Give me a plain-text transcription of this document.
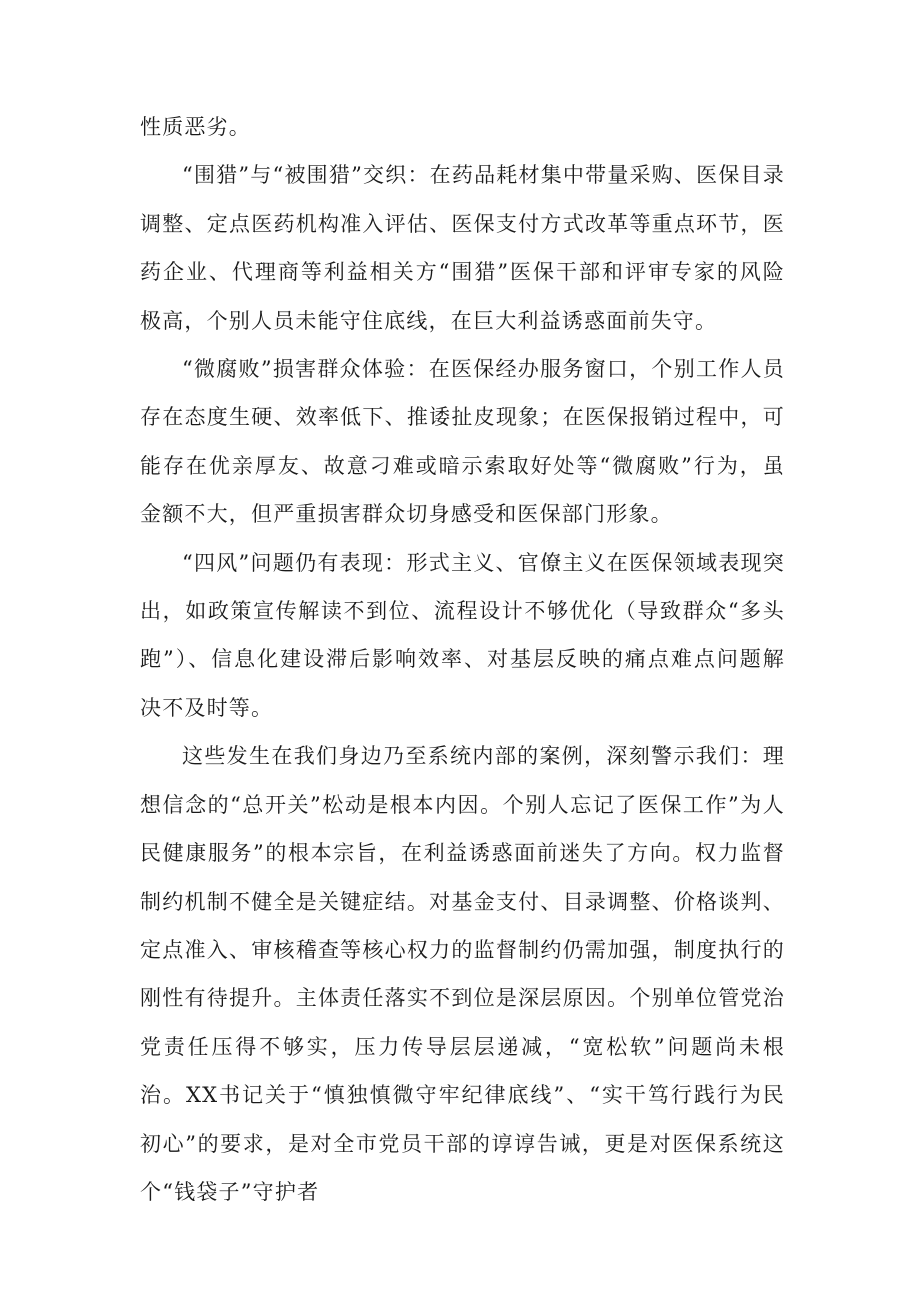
性质恶劣。

“围猎”与“被围猎”交织：在药品耗材集中带量采购、医保目录调整、定点医药机构准入评估、医保支付方式改革等重点环节，医药企业、代理商等利益相关方“围猎”医保干部和评审专家的风险极高，个别人员未能守住底线，在巨大利益诱惑面前失守。

“微腐败”损害群众体验：在医保经办服务窗口，个别工作人员存在态度生硬、效率低下、推诿扯皮现象；在医保报销过程中，可能存在优亲厚友、故意刁难或暗示索取好处等“微腐败”行为，虽金额不大，但严重损害群众切身感受和医保部门形象。

“四风”问题仍有表现：形式主义、官僚主义在医保领域表现突出，如政策宣传解读不到位、流程设计不够优化（导致群众“多头跑”）、信息化建设滞后影响效率、对基层反映的痛点难点问题解决不及时等。

这些发生在我们身边乃至系统内部的案例，深刻警示我们：理想信念的“总开关”松动是根本内因。个别人忘记了医保工作”为人民健康服务”的根本宗旨，在利益诱惑面前迷失了方向。权力监督制约机制不健全是关键症结。对基金支付、目录调整、价格谈判、定点准入、审核稽查等核心权力的监督制约仍需加强，制度执行的刚性有待提升。主体责任落实不到位是深层原因。个别单位管党治党责任压得不够实，压力传导层层递减，“宽松软”问题尚未根治。XX书记关于“慎独慎微守牢纪律底线”、“实干笃行践行为民初心”的要求，是对全市党员干部的谆谆告诫，更是对医保系统这个“钱袋子”守护者
